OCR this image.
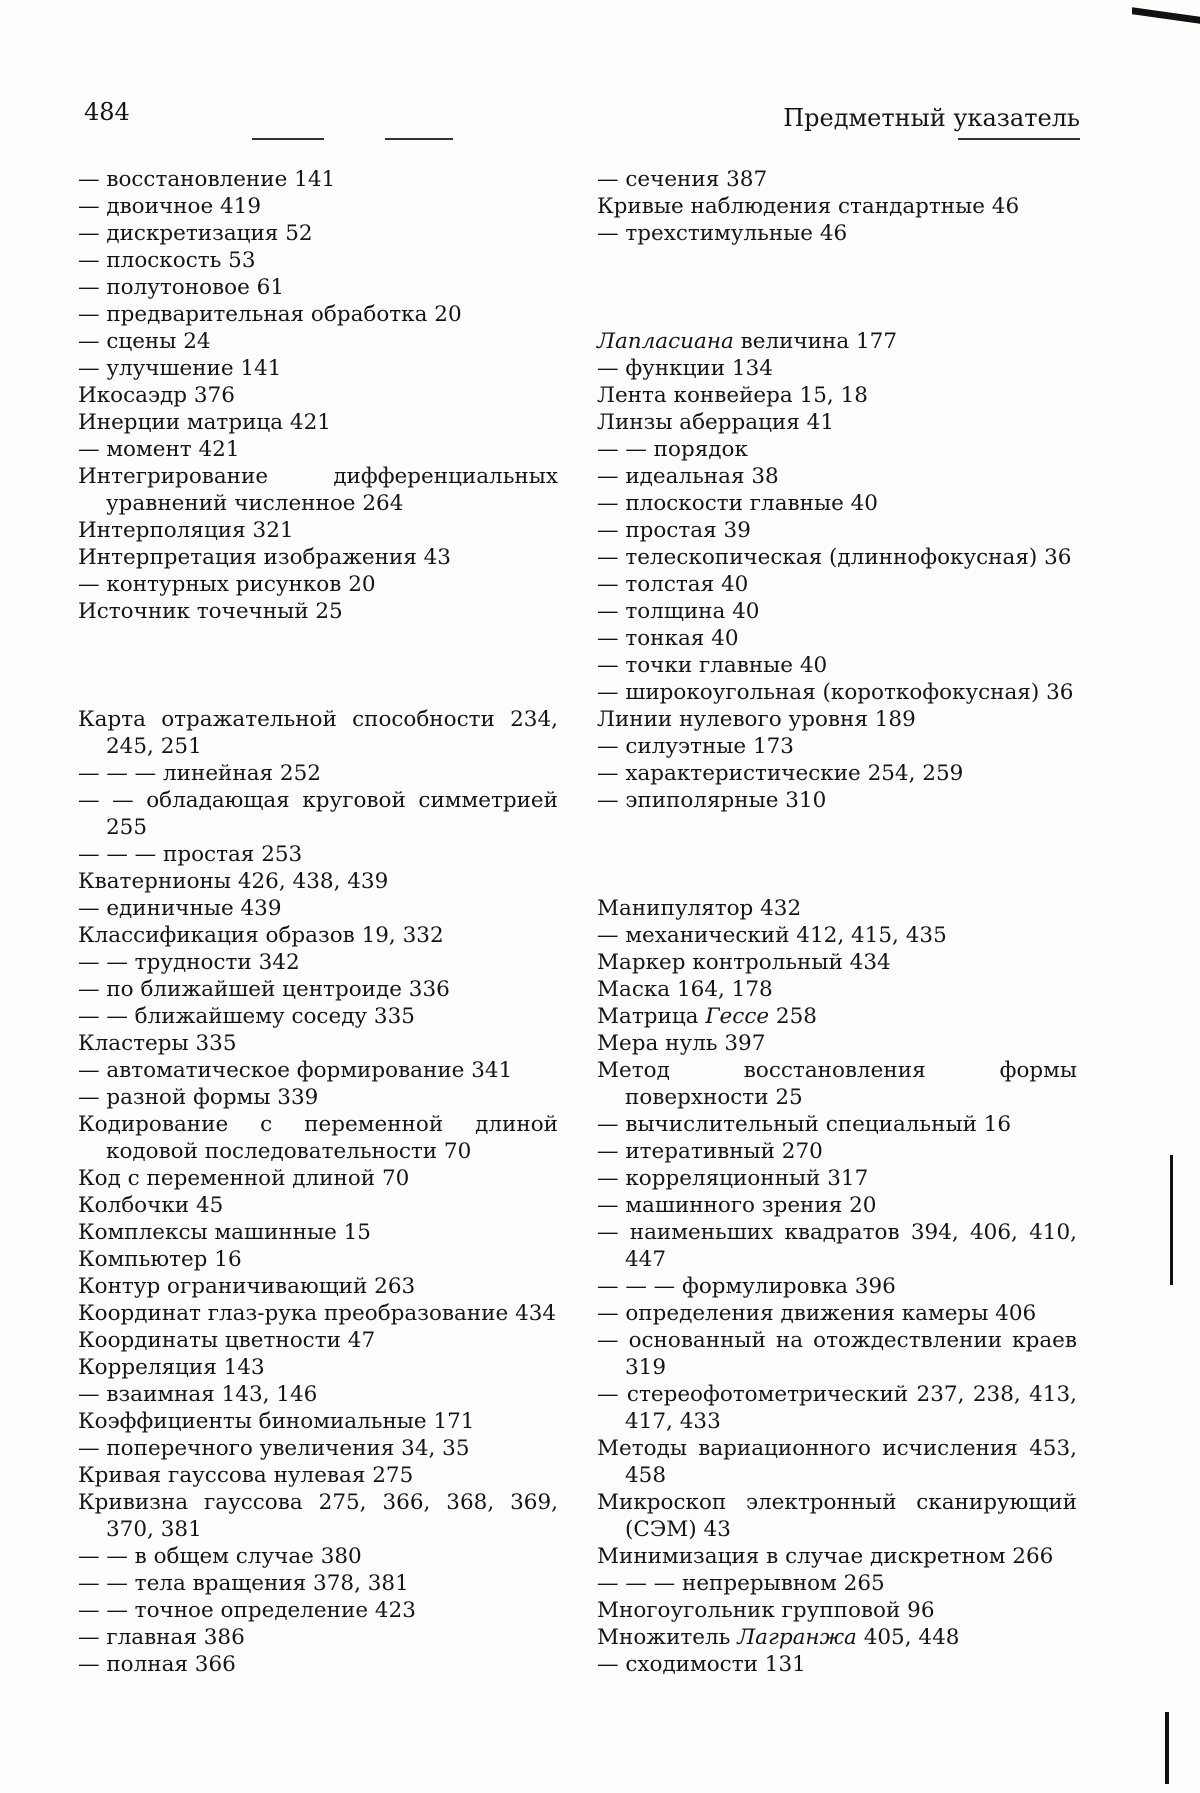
484	Предметный указатель
— восстановление 141
— двоичное 419
— дискретизация 52
— плоскость 53
— полутоновое 61
— предварительная обработка 20
— сцены 24
— улучшение 141
Икосаэдр 376
Инерции матрица 421
— момент 421
Интегрирование дифференциальных уравнений численное 264
Интерполяция 321
Интерпретация изображения 43
— контурных рисунков 20
Источник точечный 25
Карта отражательной способности 234, 245, 251
— — — линейная 252
— — обладающая круговой симметрией 255
— — — простая 253
Кватернионы 426, 438, 439
— единичные 439
Классификация образов 19, 332
— — трудности 342
— по ближайшей центроиде 336
— — ближайшему соседу 335
Кластеры 335
— автоматическое формирование 341
— разной формы 339
Кодирование с переменной длиной кодовой последовательности 70
Код с переменной длиной 70
Колбочки 45
Комплексы машинные 15
Компьютер 16
Контур ограничивающий 263
Координат глаз-рука преобразование 434
Координаты цветности 47
Корреляция 143
— взаимная 143, 146
Коэффициенты биномиальные 171
— поперечного увеличения 34, 35
Кривая гауссова нулевая 275
Кривизна гауссова 275, 366, 368, 369, 370, 381
— — в общем случае 380
— — тела вращения 378, 381
— — точное определение 423
— главная 386
— полная 366
— сечения 387
Кривые наблюдения стандартные 46
— трехстимульные 46
Лапласиана величина 177
— функции 134
Лента конвейера 15, 18
Линзы аберрация 41
— — порядок
— идеальная 38
— плоскости главные 40
— простая 39
— телескопическая (длиннофокусная) 36
— толстая 40
— толщина 40
— тонкая 40
— точки главные 40
— широкоугольная (короткофокусная) 36
Линии нулевого уровня 189
— силуэтные 173
— характеристические 254, 259
— эпиполярные 310
Манипулятор 432
— механический 412, 415, 435
Маркер контрольный 434
Маска 164, 178
Матрица Гессе 258
Мера нуль 397
Метод восстановления формы поверхности 25
— вычислительный специальный 16
— итеративный 270
— корреляционный 317
— машинного зрения 20
— наименьших квадратов 394, 406, 410, 447
— — — формулировка 396
— определения движения камеры 406
— основанный на отождествлении краев 319
— стереофотометрический 237, 238, 413, 417, 433
Методы вариационного исчисления 453, 458
Микроскоп электронный сканирующий (СЭМ) 43
Минимизация в случае дискретном 266
— — — непрерывном 265
Многоугольник групповой 96
Множитель Лагранжа 405, 448
— сходимости 131
